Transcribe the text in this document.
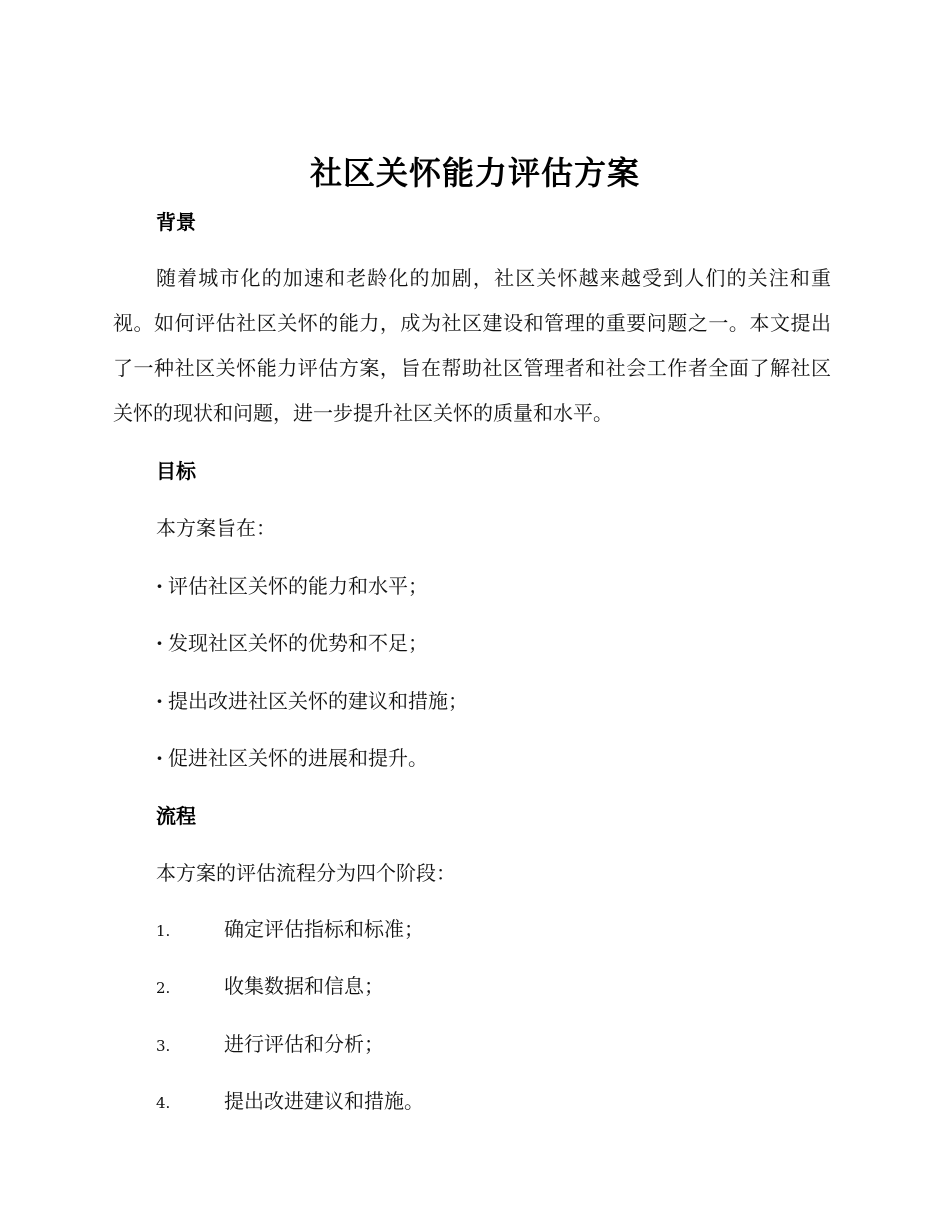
社区关怀能力评估方案
背景

随着城市化的加速和老龄化的加剧，社区关怀越来越受到人们的关注和重视。如何评估社区关怀的能力，成为社区建设和管理的重要问题之一。本文提出了一种社区关怀能力评估方案，旨在帮助社区管理者和社会工作者全面了解社区关怀的现状和问题，进一步提升社区关怀的质量和水平。

目标
本方案旨在：
· 评估社区关怀的能力和水平；
· 发现社区关怀的优势和不足；
· 提出改进社区关怀的建议和措施；
· 促进社区关怀的进展和提升。
流程
本方案的评估流程分为四个阶段：
1.	确定评估指标和标准；
2.	收集数据和信息；
3.	进行评估和分析；
4.	提出改进建议和措施。
